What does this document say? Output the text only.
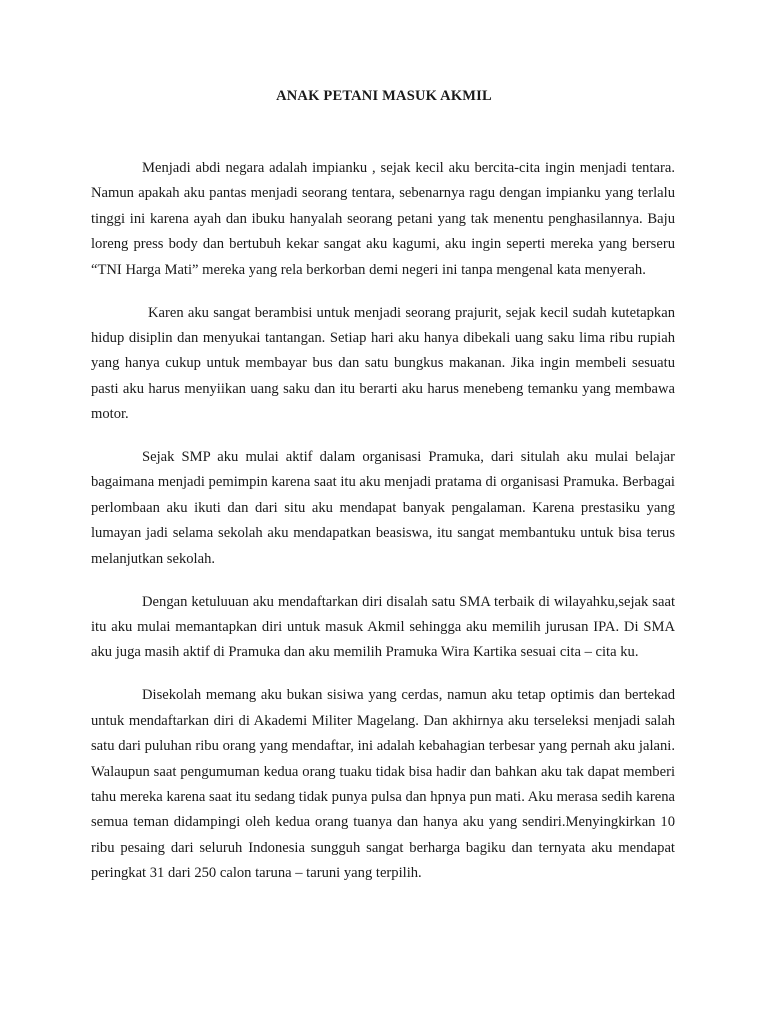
ANAK PETANI MASUK AKMIL

Menjadi abdi negara adalah impianku , sejak kecil aku bercita-cita ingin menjadi tentara. Namun apakah aku pantas menjadi seorang tentara, sebenarnya ragu dengan impianku yang terlalu tinggi ini karena ayah dan ibuku hanyalah seorang petani yang tak menentu penghasilannya. Baju loreng press body dan bertubuh kekar sangat aku kagumi, aku ingin seperti mereka yang berseru “TNI Harga Mati” mereka yang rela berkorban demi negeri ini tanpa mengenal kata menyerah.

Karen aku sangat berambisi untuk menjadi seorang prajurit, sejak kecil sudah kutetapkan hidup disiplin dan menyukai tantangan. Setiap hari aku hanya dibekali uang saku lima ribu rupiah yang hanya cukup untuk membayar bus dan satu bungkus makanan. Jika ingin membeli sesuatu pasti aku harus menyiikan uang saku dan itu berarti aku harus menebeng temanku yang membawa motor.

Sejak SMP aku mulai aktif dalam organisasi Pramuka, dari situlah aku mulai belajar bagaimana menjadi pemimpin karena saat itu aku menjadi pratama di organisasi Pramuka. Berbagai perlombaan aku ikuti dan dari situ aku mendapat banyak pengalaman. Karena prestasiku yang lumayan jadi selama sekolah aku mendapatkan beasiswa, itu sangat membantuku untuk bisa terus melanjutkan sekolah.

Dengan ketuluuan aku mendaftarkan diri disalah satu SMA terbaik di wilayahku,sejak saat itu aku mulai memantapkan diri untuk masuk Akmil sehingga aku memilih jurusan IPA. Di SMA aku juga masih aktif di Pramuka dan aku memilih Pramuka Wira Kartika sesuai cita – cita ku.

Disekolah memang aku bukan sisiwa yang cerdas, namun aku tetap optimis dan bertekad untuk mendaftarkan diri di Akademi Militer Magelang. Dan akhirnya aku terseleksi menjadi salah satu dari puluhan ribu orang yang mendaftar, ini adalah kebahagian terbesar yang pernah aku jalani. Walaupun saat pengumuman kedua orang tuaku tidak bisa hadir dan bahkan aku tak dapat memberi tahu mereka karena saat itu sedang tidak punya pulsa dan hpnya pun mati. Aku merasa sedih karena semua teman didampingi oleh kedua orang tuanya dan hanya aku yang sendiri.Menyingkirkan 10 ribu pesaing dari seluruh Indonesia sungguh sangat berharga bagiku dan ternyata aku mendapat peringkat 31 dari 250 calon taruna – taruni yang terpilih.
